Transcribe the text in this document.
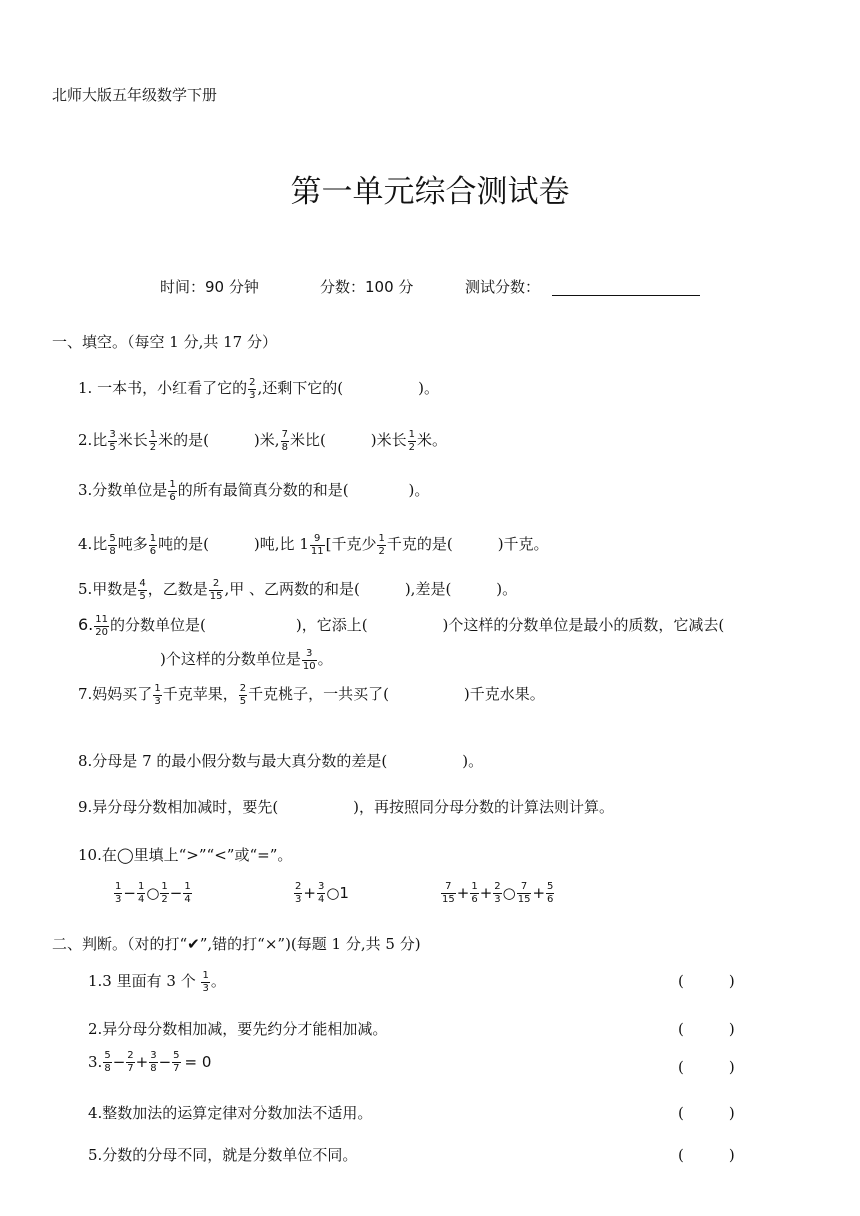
北师大版五年级数学下册
第一单元综合测试卷
时间：90 分钟	分数：100 分	测试分数：
一、填空。（每空 1 分,共 17 分）
1. 一本书，小红看了它的 $\frac{2}{3}$ ,还剩下它的(　　　　　)。
2.比 $\frac{3}{5}$ 米长 $\frac{1}{2}$ 米的是(　　　)米, $\frac{7}{8}$ 米比(　　　)米长 $\frac{1}{2}$ 米。
3.分数单位是 $\frac{1}{6}$ 的所有最简真分数的和是(　　　　)。
4.比 $\frac{5}{8}$ 吨多 $\frac{1}{6}$ 吨的是(　　　)吨,比 $1 \frac{9}{11}$ [千克少 $\frac{1}{2}$ 千克的是(　　　)千克。
5.甲数是 $\frac{4}{5}$ ，乙数是 $\frac{2}{15}$ ,甲 、乙两数的和是(　　　),差是(　　　)。
6. $\frac{11}{20}$ 的分数单位是(　　　　　　)，它添上(　　　　　)个这样的分数单位是最小的质数，它减去(
)个这样的分数单位是 $\frac{3}{10}$ 。
7.妈妈买了 $\frac{1}{3}$ 千克苹果， $\frac{2}{5}$ 千克桃子，一共买了(　　　　　)千克水果。
8.分母是 7 的最小假分数与最大真分数的差是(　　　　　)。
9.异分母分数相加减时，要先(　　　　　)，再按照同分母分数的计算法则计算。
10.在◯里填上“>”“<”或“=”。
$\frac{1}{3} - \frac{1}{4}$ ○ $\frac{1}{2} - \frac{1}{4}$	$\frac{2}{3} + \frac{3}{4}$ ○1	$\frac{7}{15} + \frac{1}{6} + \frac{2}{3}$ ○ $\frac{7}{15} + \frac{5}{6}$
二、判断。（对的打“✔”,错的打“×”)(每题 1 分,共 5 分)
1.3 里面有 3 个 $\frac{1}{3}$ 。	(　　　)
2.异分母分数相加减，要先约分才能相加减。	(　　　)
3. $\frac{5}{8} - \frac{2}{7} + \frac{3}{8} - \frac{5}{7} = 0$	(　　　)
4.整数加法的运算定律对分数加法不适用。	(　　　)
5.分数的分母不同，就是分数单位不同。	(　　　)
